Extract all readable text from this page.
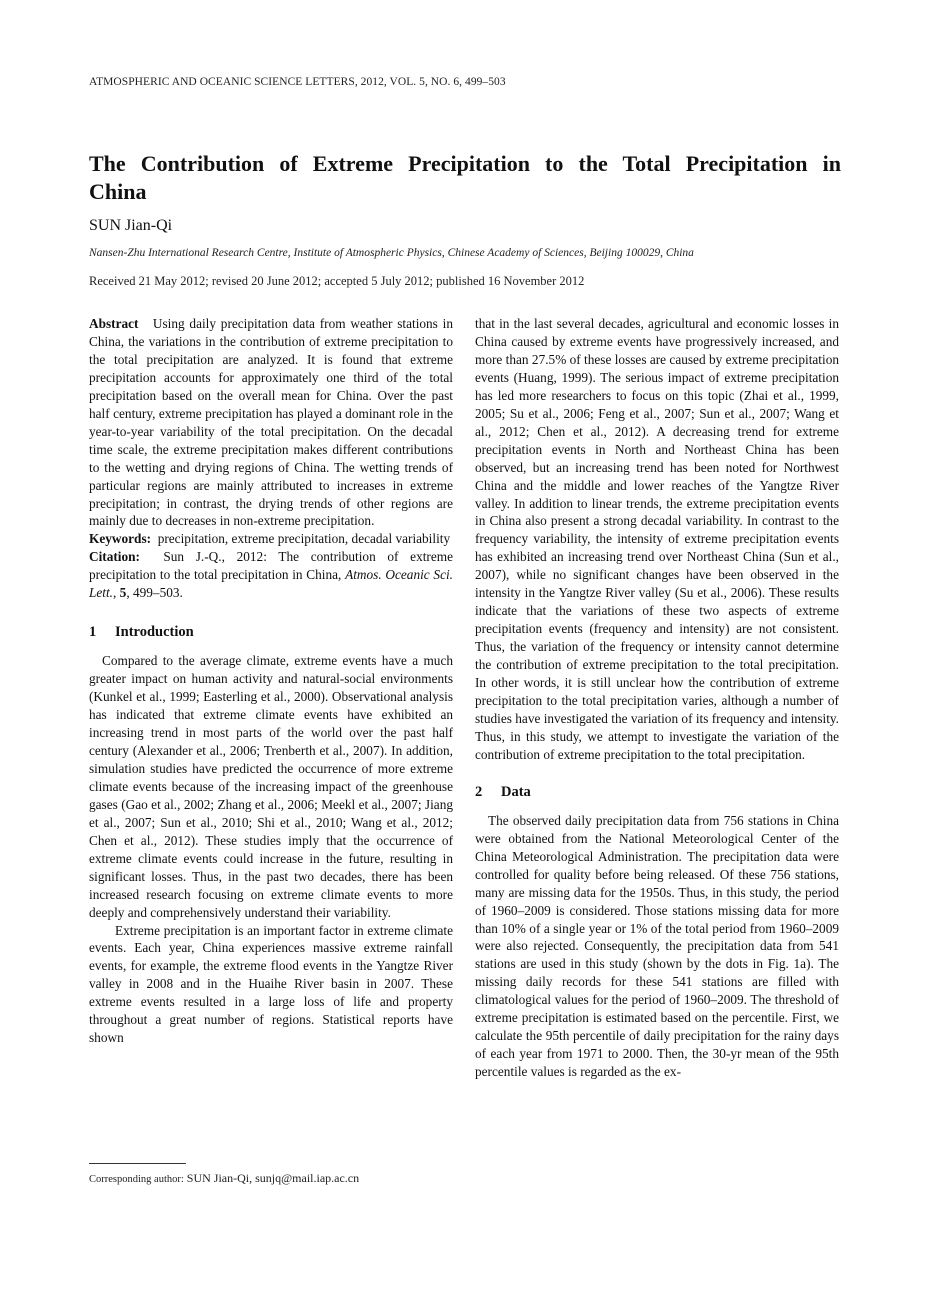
ATMOSPHERIC AND OCEANIC SCIENCE LETTERS, 2012, VOL. 5, NO. 6, 499–503
The Contribution of Extreme Precipitation to the Total Precipitation in China
SUN Jian-Qi
Nansen-Zhu International Research Centre, Institute of Atmospheric Physics, Chinese Academy of Sciences, Beijing 100029, China
Received 21 May 2012; revised 20 June 2012; accepted 5 July 2012; published 16 November 2012

Abstract Using daily precipitation data from weather stations in China, the variations in the contribution of extreme precipitation to the total precipitation are analyzed. It is found that extreme precipitation accounts for approximately one third of the total precipitation based on the overall mean for China. Over the past half century, extreme precipitation has played a dominant role in the year-to-year variability of the total precipitation. On the decadal time scale, the extreme precipitation makes different contributions to the wetting and drying regions of China. The wetting trends of particular regions are mainly attributed to increases in extreme precipitation; in contrast, the drying trends of other regions are mainly due to decreases in non-extreme precipitation.

Keywords: precipitation, extreme precipitation, decadal variability

Citation: Sun J.-Q., 2012: The contribution of extreme precipitation to the total precipitation in China, Atmos. Oceanic Sci. Lett., 5, 499–503.

1 Introduction

Compared to the average climate, extreme events have a much greater impact on human activity and natural-social environments (Kunkel et al., 1999; Easterling et al., 2000). Observational analysis has indicated that extreme climate events have exhibited an increasing trend in most parts of the world over the past half century (Alexander et al., 2006; Trenberth et al., 2007). In addition, simulation studies have predicted the occurrence of more extreme climate events because of the increasing impact of the greenhouse gases (Gao et al., 2002; Zhang et al., 2006; Meekl et al., 2007; Jiang et al., 2007; Sun et al., 2010; Shi et al., 2010; Wang et al., 2012; Chen et al., 2012). These studies imply that the occurrence of extreme climate events could increase in the future, resulting in significant losses. Thus, in the past two decades, there has been increased research focusing on extreme climate events to more deeply and comprehensively understand their variability.

Extreme precipitation is an important factor in extreme climate events. Each year, China experiences massive extreme rainfall events, for example, the extreme flood events in the Yangtze River valley in 2008 and in the Huaihe River basin in 2007. These extreme events resulted in a large loss of life and property throughout a great number of regions. Statistical reports have shown

that in the last several decades, agricultural and economic losses in China caused by extreme events have progressively increased, and more than 27.5% of these losses are caused by extreme precipitation events (Huang, 1999). The serious impact of extreme precipitation has led more researchers to focus on this topic (Zhai et al., 1999, 2005; Su et al., 2006; Feng et al., 2007; Sun et al., 2007; Wang et al., 2012; Chen et al., 2012). A decreasing trend for extreme precipitation events in North and Northeast China has been observed, but an increasing trend has been noted for Northwest China and the middle and lower reaches of the Yangtze River valley. In addition to linear trends, the extreme precipitation events in China also present a strong decadal variability. In contrast to the frequency variability, the intensity of extreme precipitation events has exhibited an increasing trend over Northeast China (Sun et al., 2007), while no significant changes have been observed in the intensity in the Yangtze River valley (Su et al., 2006). These results indicate that the variations of these two aspects of extreme precipitation events (frequency and intensity) are not consistent. Thus, the variation of the frequency or intensity cannot determine the contribution of extreme precipitation to the total precipitation. In other words, it is still unclear how the contribution of extreme precipitation to the total precipitation varies, although a number of studies have investigated the variation of its frequency and intensity. Thus, in this study, we attempt to investigate the variation of the contribution of extreme precipitation to the total precipitation.

2 Data

The observed daily precipitation data from 756 stations in China were obtained from the National Meteorological Center of the China Meteorological Administration. The precipitation data were controlled for quality before being released. Of these 756 stations, many are missing data for the 1950s. Thus, in this study, the period of 1960–2009 is considered. Those stations missing data for more than 10% of a single year or 1% of the total period from 1960–2009 were also rejected. Consequently, the precipitation data from 541 stations are used in this study (shown by the dots in Fig. 1a). The missing daily records for these 541 stations are filled with climatological values for the period of 1960–2009. The threshold of extreme precipitation is estimated based on the percentile. First, we calculate the 95th percentile of daily precipitation for the rainy days of each year from 1971 to 2000. Then, the 30-yr mean of the 95th percentile values is regarded as the ex-

Corresponding author: SUN Jian-Qi, sunjq@mail.iap.ac.cn
